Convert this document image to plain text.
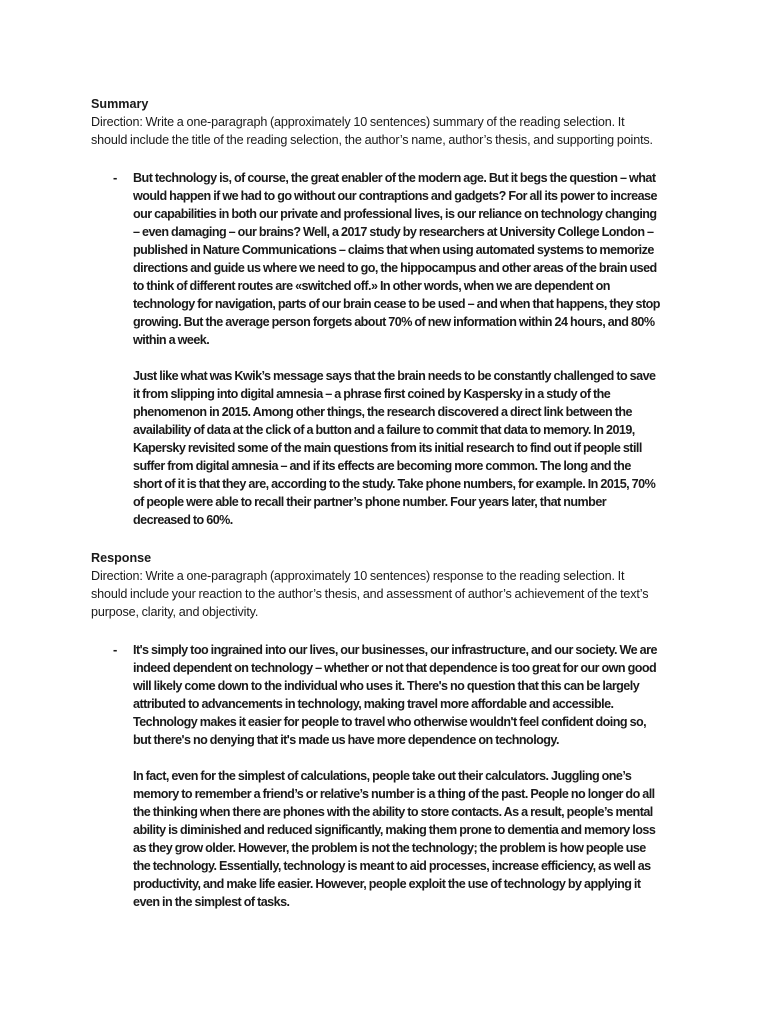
Summary

Direction: Write a one-paragraph (approximately 10 sentences) summary of the reading selection. It should include the title of the reading selection, the author’s name, author’s thesis, and supporting points.

-	But technology is, of course, the great enabler of the modern age. But it begs the question – what would happen if we had to go without our contraptions and gadgets? For all its power to increase our capabilities in both our private and professional lives, is our reliance on technology changing – even damaging – our brains? Well, a 2017 study by researchers at University College London – published in Nature Communications – claims that when using automated systems to memorize directions and guide us where we need to go, the hippocampus and other areas of the brain used to think of different routes are «switched off.» In other words, when we are dependent on technology for navigation, parts of our brain cease to be used – and when that happens, they stop growing. But the average person forgets about 70% of new information within 24 hours, and 80% within a week.

Just like what was Kwik’s message says that the brain needs to be constantly challenged to save it from slipping into digital amnesia – a phrase first coined by Kaspersky in a study of the phenomenon in 2015. Among other things, the research discovered a direct link between the availability of data at the click of a button and a failure to commit that data to memory. In 2019, Kapersky revisited some of the main questions from its initial research to find out if people still suffer from digital amnesia – and if its effects are becoming more common. The long and the short of it is that they are, according to the study. Take phone numbers, for example. In 2015, 70% of people were able to recall their partner’s phone number. Four years later, that number decreased to 60%.

Response

Direction: Write a one-paragraph (approximately 10 sentences) response to the reading selection. It should include your reaction to the author’s thesis, and assessment of author’s achievement of the text’s purpose, clarity, and objectivity.

-	It's simply too ingrained into our lives, our businesses, our infrastructure, and our society. We are indeed dependent on technology – whether or not that dependence is too great for our own good will likely come down to the individual who uses it. There's no question that this can be largely attributed to advancements in technology, making travel more affordable and accessible. Technology makes it easier for people to travel who otherwise wouldn't feel confident doing so, but there's no denying that it's made us have more dependence on technology.

In fact, even for the simplest of calculations, people take out their calculators. Juggling one’s memory to remember a friend’s or relative’s number is a thing of the past. People no longer do all the thinking when there are phones with the ability to store contacts. As a result, people’s mental ability is diminished and reduced significantly, making them prone to dementia and memory loss as they grow older. However, the problem is not the technology; the problem is how people use the technology. Essentially, technology is meant to aid processes, increase efficiency, as well as productivity, and make life easier. However, people exploit the use of technology by applying it even in the simplest of tasks.
